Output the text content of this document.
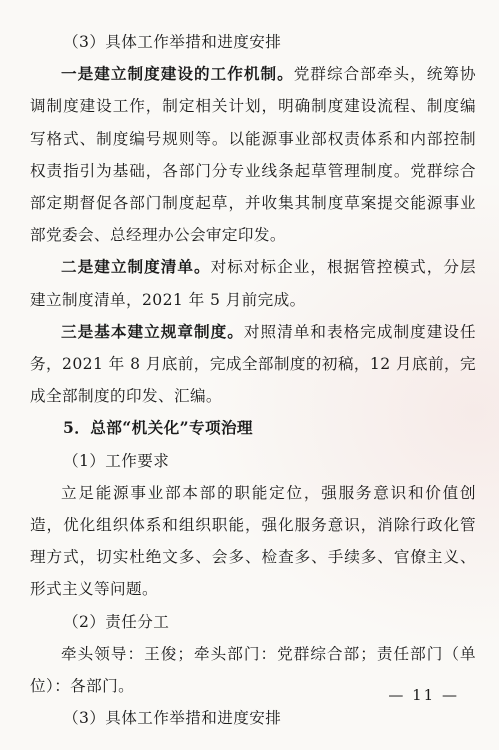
（3）具体工作举措和进度安排

一是建立制度建设的工作机制。党群综合部牵头，统筹协调制度建设工作，制定相关计划，明确制度建设流程、制度编写格式、制度编号规则等。以能源事业部权责体系和内部控制权责指引为基础，各部门分专业线条起草管理制度。党群综合部定期督促各部门制度起草，并收集其制度草案提交能源事业部党委会、总经理办公会审定印发。

二是建立制度清单。对标对标企业，根据管控模式，分层建立制度清单，2021 年 5 月前完成。

三是基本建立规章制度。对照清单和表格完成制度建设任务，2021 年 8 月底前，完成全部制度的初稿，12 月底前，完成全部制度的印发、汇编。

5．总部“机关化”专项治理

（1）工作要求

立足能源事业部本部的职能定位，强服务意识和价值创造，优化组织体系和组织职能，强化服务意识，消除行政化管理方式，切实杜绝文多、会多、检查多、手续多、官僚主义、形式主义等问题。

（2）责任分工

牵头领导：王俊；牵头部门：党群综合部；责任部门（单位）：各部门。

（3）具体工作举措和进度安排

— 11 —
